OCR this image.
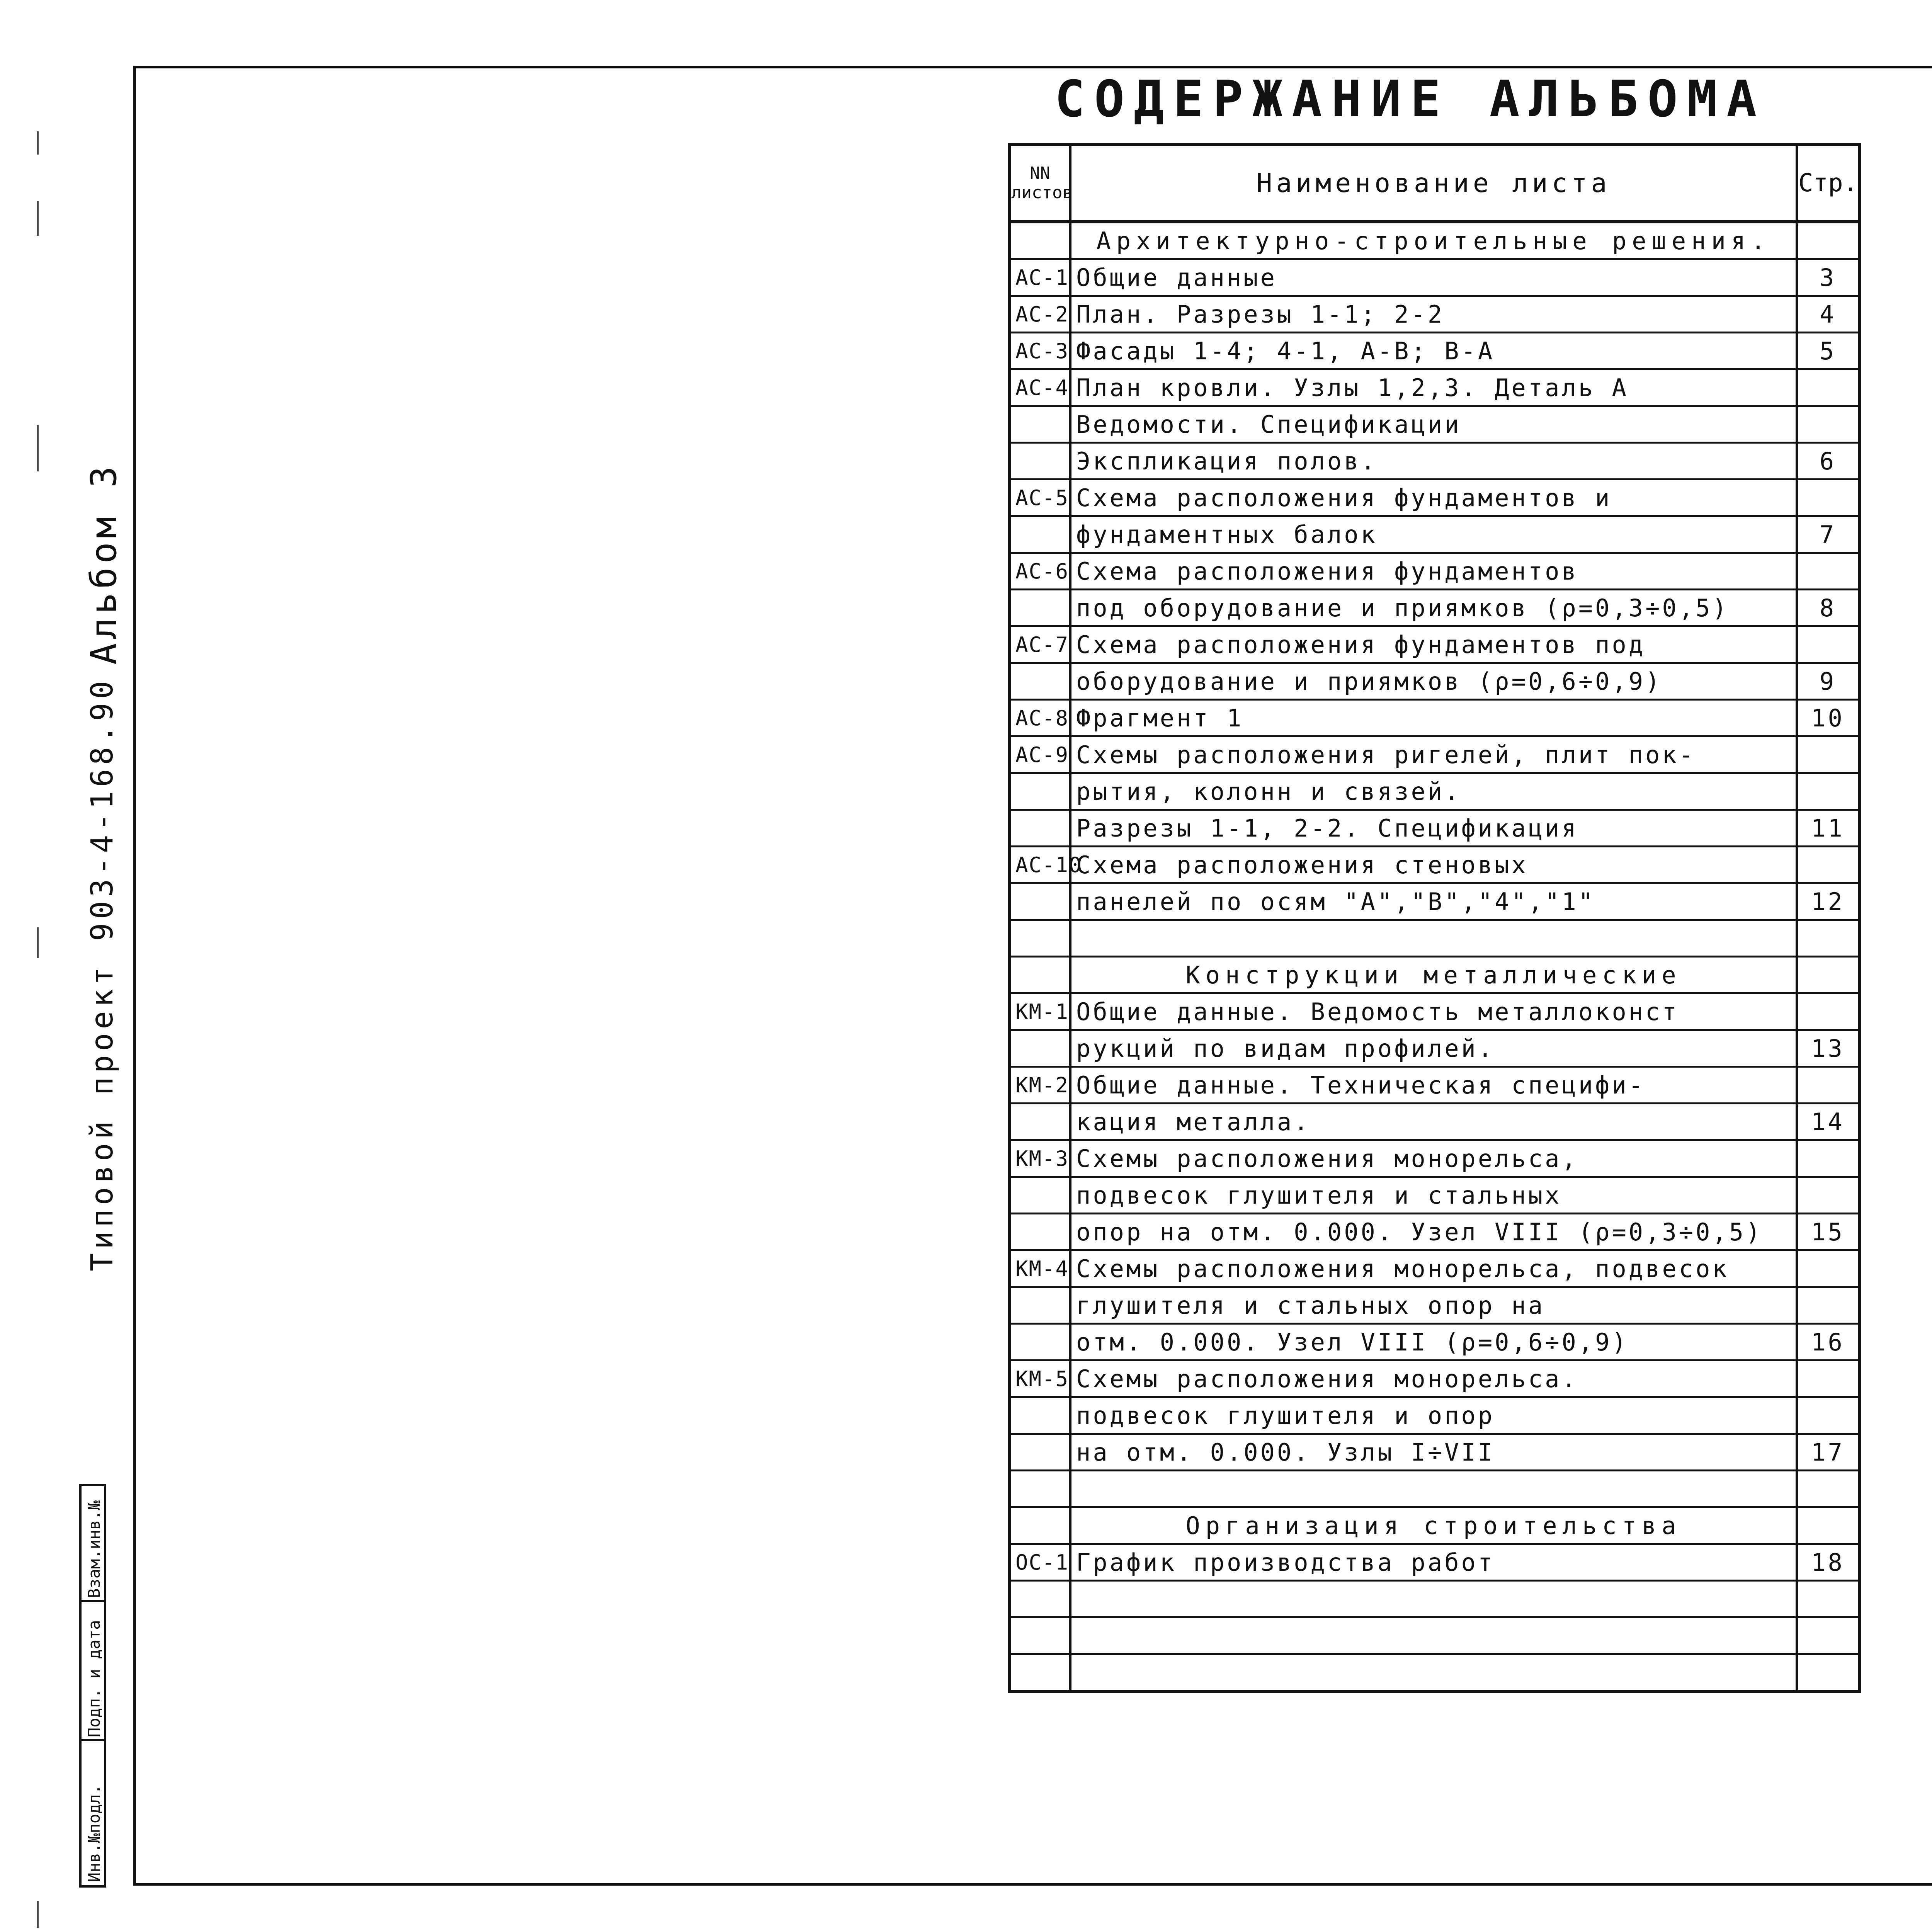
Альбом 3
Типовой проект 903-4-168.90
Взам.инв.№
Подп. и дата
Инв.№подл.
СОДЕРЖАНИЕ АЛЬБОМА
NN листов	Наименование листа	Стр.
	Архитектурно-строительные решения.	
АС-1	Общие данные	3
АС-2	План. Разрезы 1-1; 2-2	4
АС-3	Фасады 1-4; 4-1, А-В; В-А	5
АС-4	План кровли. Узлы 1,2,3. Деталь А	
	Ведомости. Спецификации	
	Экспликация полов.	6
АС-5	Схема расположения фундаментов и	
	фундаментных балок	7
АС-6	Схема расположения фундаментов	
	под оборудование и приямков (ρ=0,3÷0,5)	8
АС-7	Схема расположения фундаментов под	
	оборудование и приямков (ρ=0,6÷0,9)	9
АС-8	Фрагмент 1	10
АС-9	Схемы расположения ригелей, плит пок-	
	рытия, колонн и связей.	
	Разрезы 1-1, 2-2. Спецификация	11
АС-10	Схема расположения стеновых	
	панелей по осям "А","В","4","1"	12

	Конструкции металлические	
КМ-1	Общие данные. Ведомость металлоконст	
	рукций по видам профилей.	13
КМ-2	Общие данные. Техническая специфи-	
	кация металла.	14
КМ-3	Схемы расположения монорельса,	
	подвесок глушителя и стальных	
	опор на отм. 0.000. Узел VIII (ρ=0,3÷0,5)	15
КМ-4	Схемы расположения монорельса, подвесок	
	глушителя и стальных опор на	
	отм. 0.000. Узел VIII (ρ=0,6÷0,9)	16
КМ-5	Схемы расположения монорельса.	
	подвесок глушителя и опор	
	на отм. 0.000. Узлы I÷VII	17

	Организация строительства	
ОС-1	График производства работ	18
